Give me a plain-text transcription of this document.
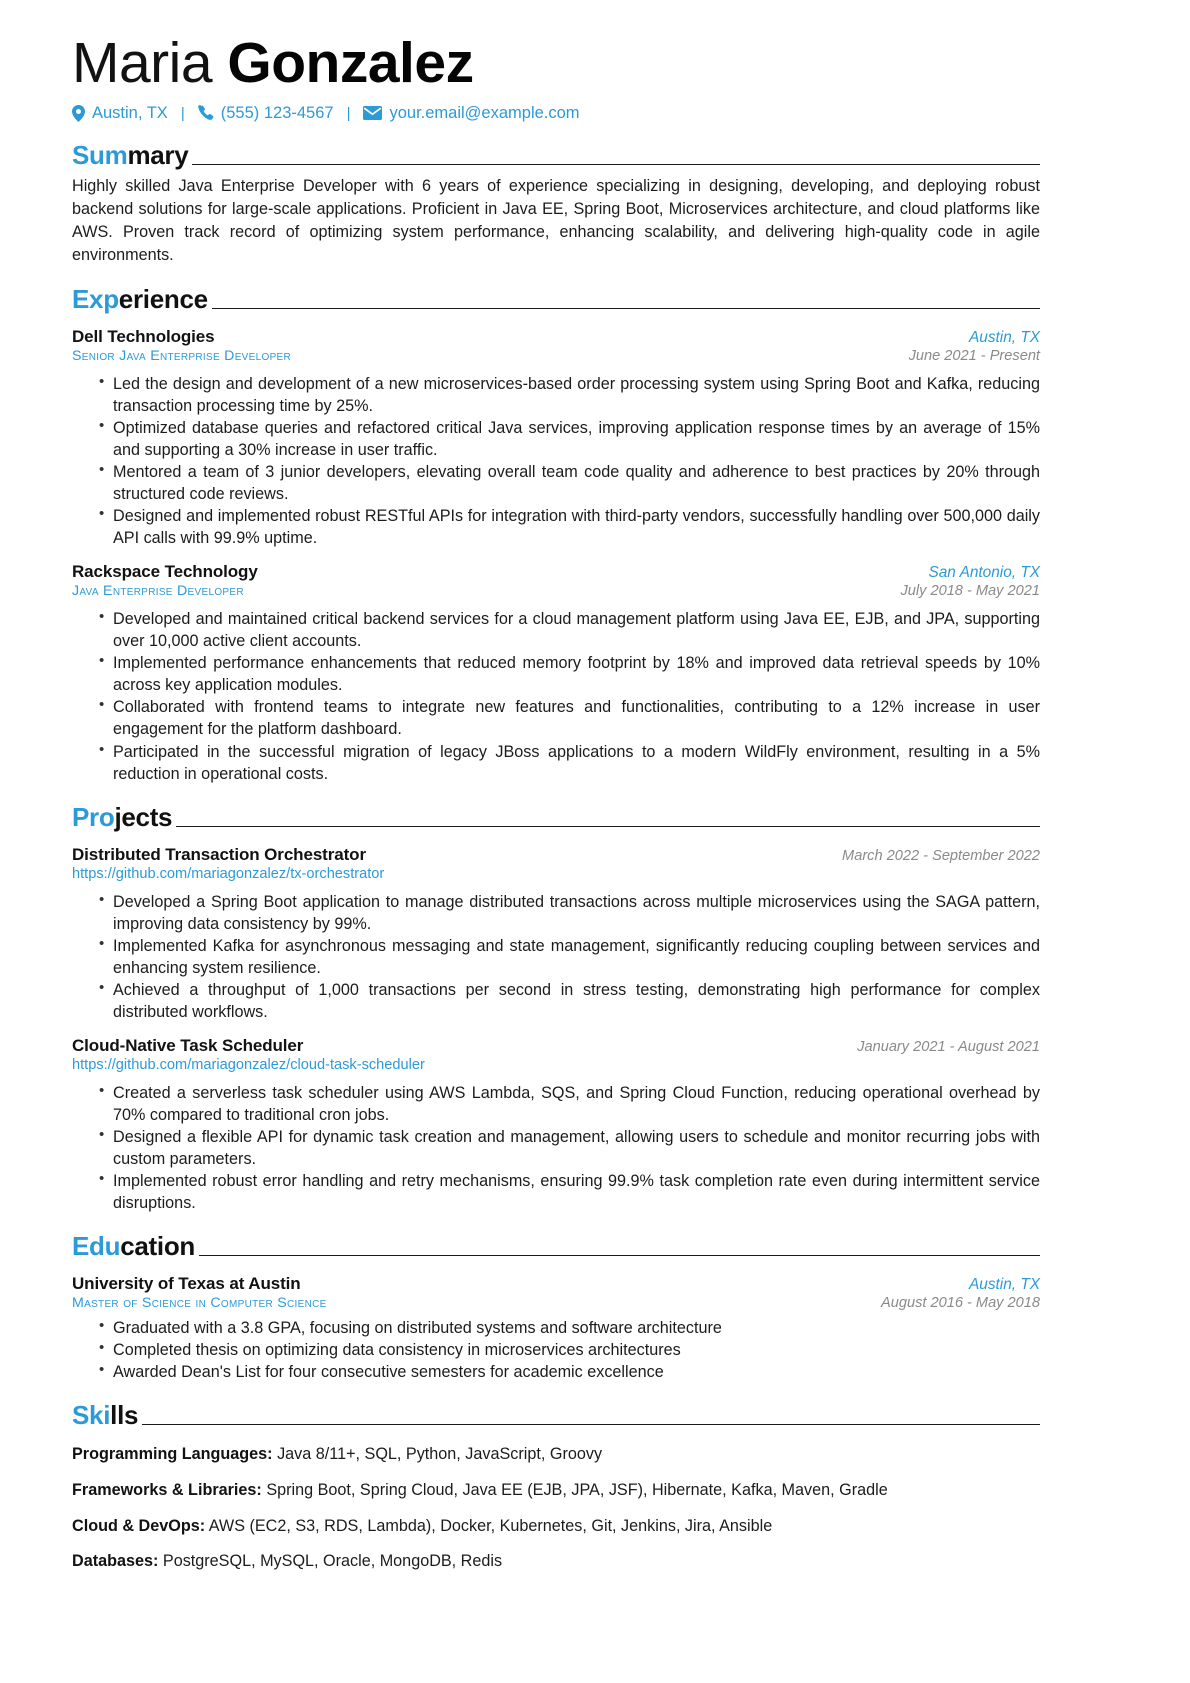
Maria Gonzalez
Austin, TX |	(555) 123-4567 |	your.email@example.com
Summary

Highly skilled Java Enterprise Developer with 6 years of experience specializing in designing, developing, and deploying robust backend solutions for large-scale applications. Proficient in Java EE, Spring Boot, Microservices architecture, and cloud platforms like AWS. Proven track record of optimizing system performance, enhancing scalability, and delivering high-quality code in agile environments.

Experience
Dell Technologies	Austin, TX
Senior Java Enterprise Developer	June 2021 - Present
• Led the design and development of a new microservices-based order processing system using Spring Boot and Kafka, reducing transaction processing time by 25%.
• Optimized database queries and refactored critical Java services, improving application response times by an average of 15% and supporting a 30% increase in user traffic.
• Mentored a team of 3 junior developers, elevating overall team code quality and adherence to best practices by 20% through structured code reviews.
• Designed and implemented robust RESTful APIs for integration with third-party vendors, successfully handling over 500,000 daily API calls with 99.9% uptime.
Rackspace Technology	San Antonio, TX
Java Enterprise Developer	July 2018 - May 2021
• Developed and maintained critical backend services for a cloud management platform using Java EE, EJB, and JPA, supporting over 10,000 active client accounts.
• Implemented performance enhancements that reduced memory footprint by 18% and improved data retrieval speeds by 10% across key application modules.
• Collaborated with frontend teams to integrate new features and functionalities, contributing to a 12% increase in user engagement for the platform dashboard.
• Participated in the successful migration of legacy JBoss applications to a modern WildFly environment, resulting in a 5% reduction in operational costs.
Projects
Distributed Transaction Orchestrator	March 2022 - September 2022
https://github.com/mariagonzalez/tx-orchestrator
• Developed a Spring Boot application to manage distributed transactions across multiple microservices using the SAGA pattern, improving data consistency by 99%.
• Implemented Kafka for asynchronous messaging and state management, significantly reducing coupling between services and enhancing system resilience.
• Achieved a throughput of 1,000 transactions per second in stress testing, demonstrating high performance for complex distributed workflows.
Cloud-Native Task Scheduler	January 2021 - August 2021
https://github.com/mariagonzalez/cloud-task-scheduler
• Created a serverless task scheduler using AWS Lambda, SQS, and Spring Cloud Function, reducing operational overhead by 70% compared to traditional cron jobs.
• Designed a flexible API for dynamic task creation and management, allowing users to schedule and monitor recurring jobs with custom parameters.
• Implemented robust error handling and retry mechanisms, ensuring 99.9% task completion rate even during intermittent service disruptions.
Education
University of Texas at Austin	Austin, TX
Master of Science in Computer Science	August 2016 - May 2018
• Graduated with a 3.8 GPA, focusing on distributed systems and software architecture
• Completed thesis on optimizing data consistency in microservices architectures
• Awarded Dean's List for four consecutive semesters for academic excellence
Skills
Programming Languages: Java 8/11+, SQL, Python, JavaScript, Groovy
Frameworks & Libraries: Spring Boot, Spring Cloud, Java EE (EJB, JPA, JSF), Hibernate, Kafka, Maven, Gradle
Cloud & DevOps: AWS (EC2, S3, RDS, Lambda), Docker, Kubernetes, Git, Jenkins, Jira, Ansible
Databases: PostgreSQL, MySQL, Oracle, MongoDB, Redis
